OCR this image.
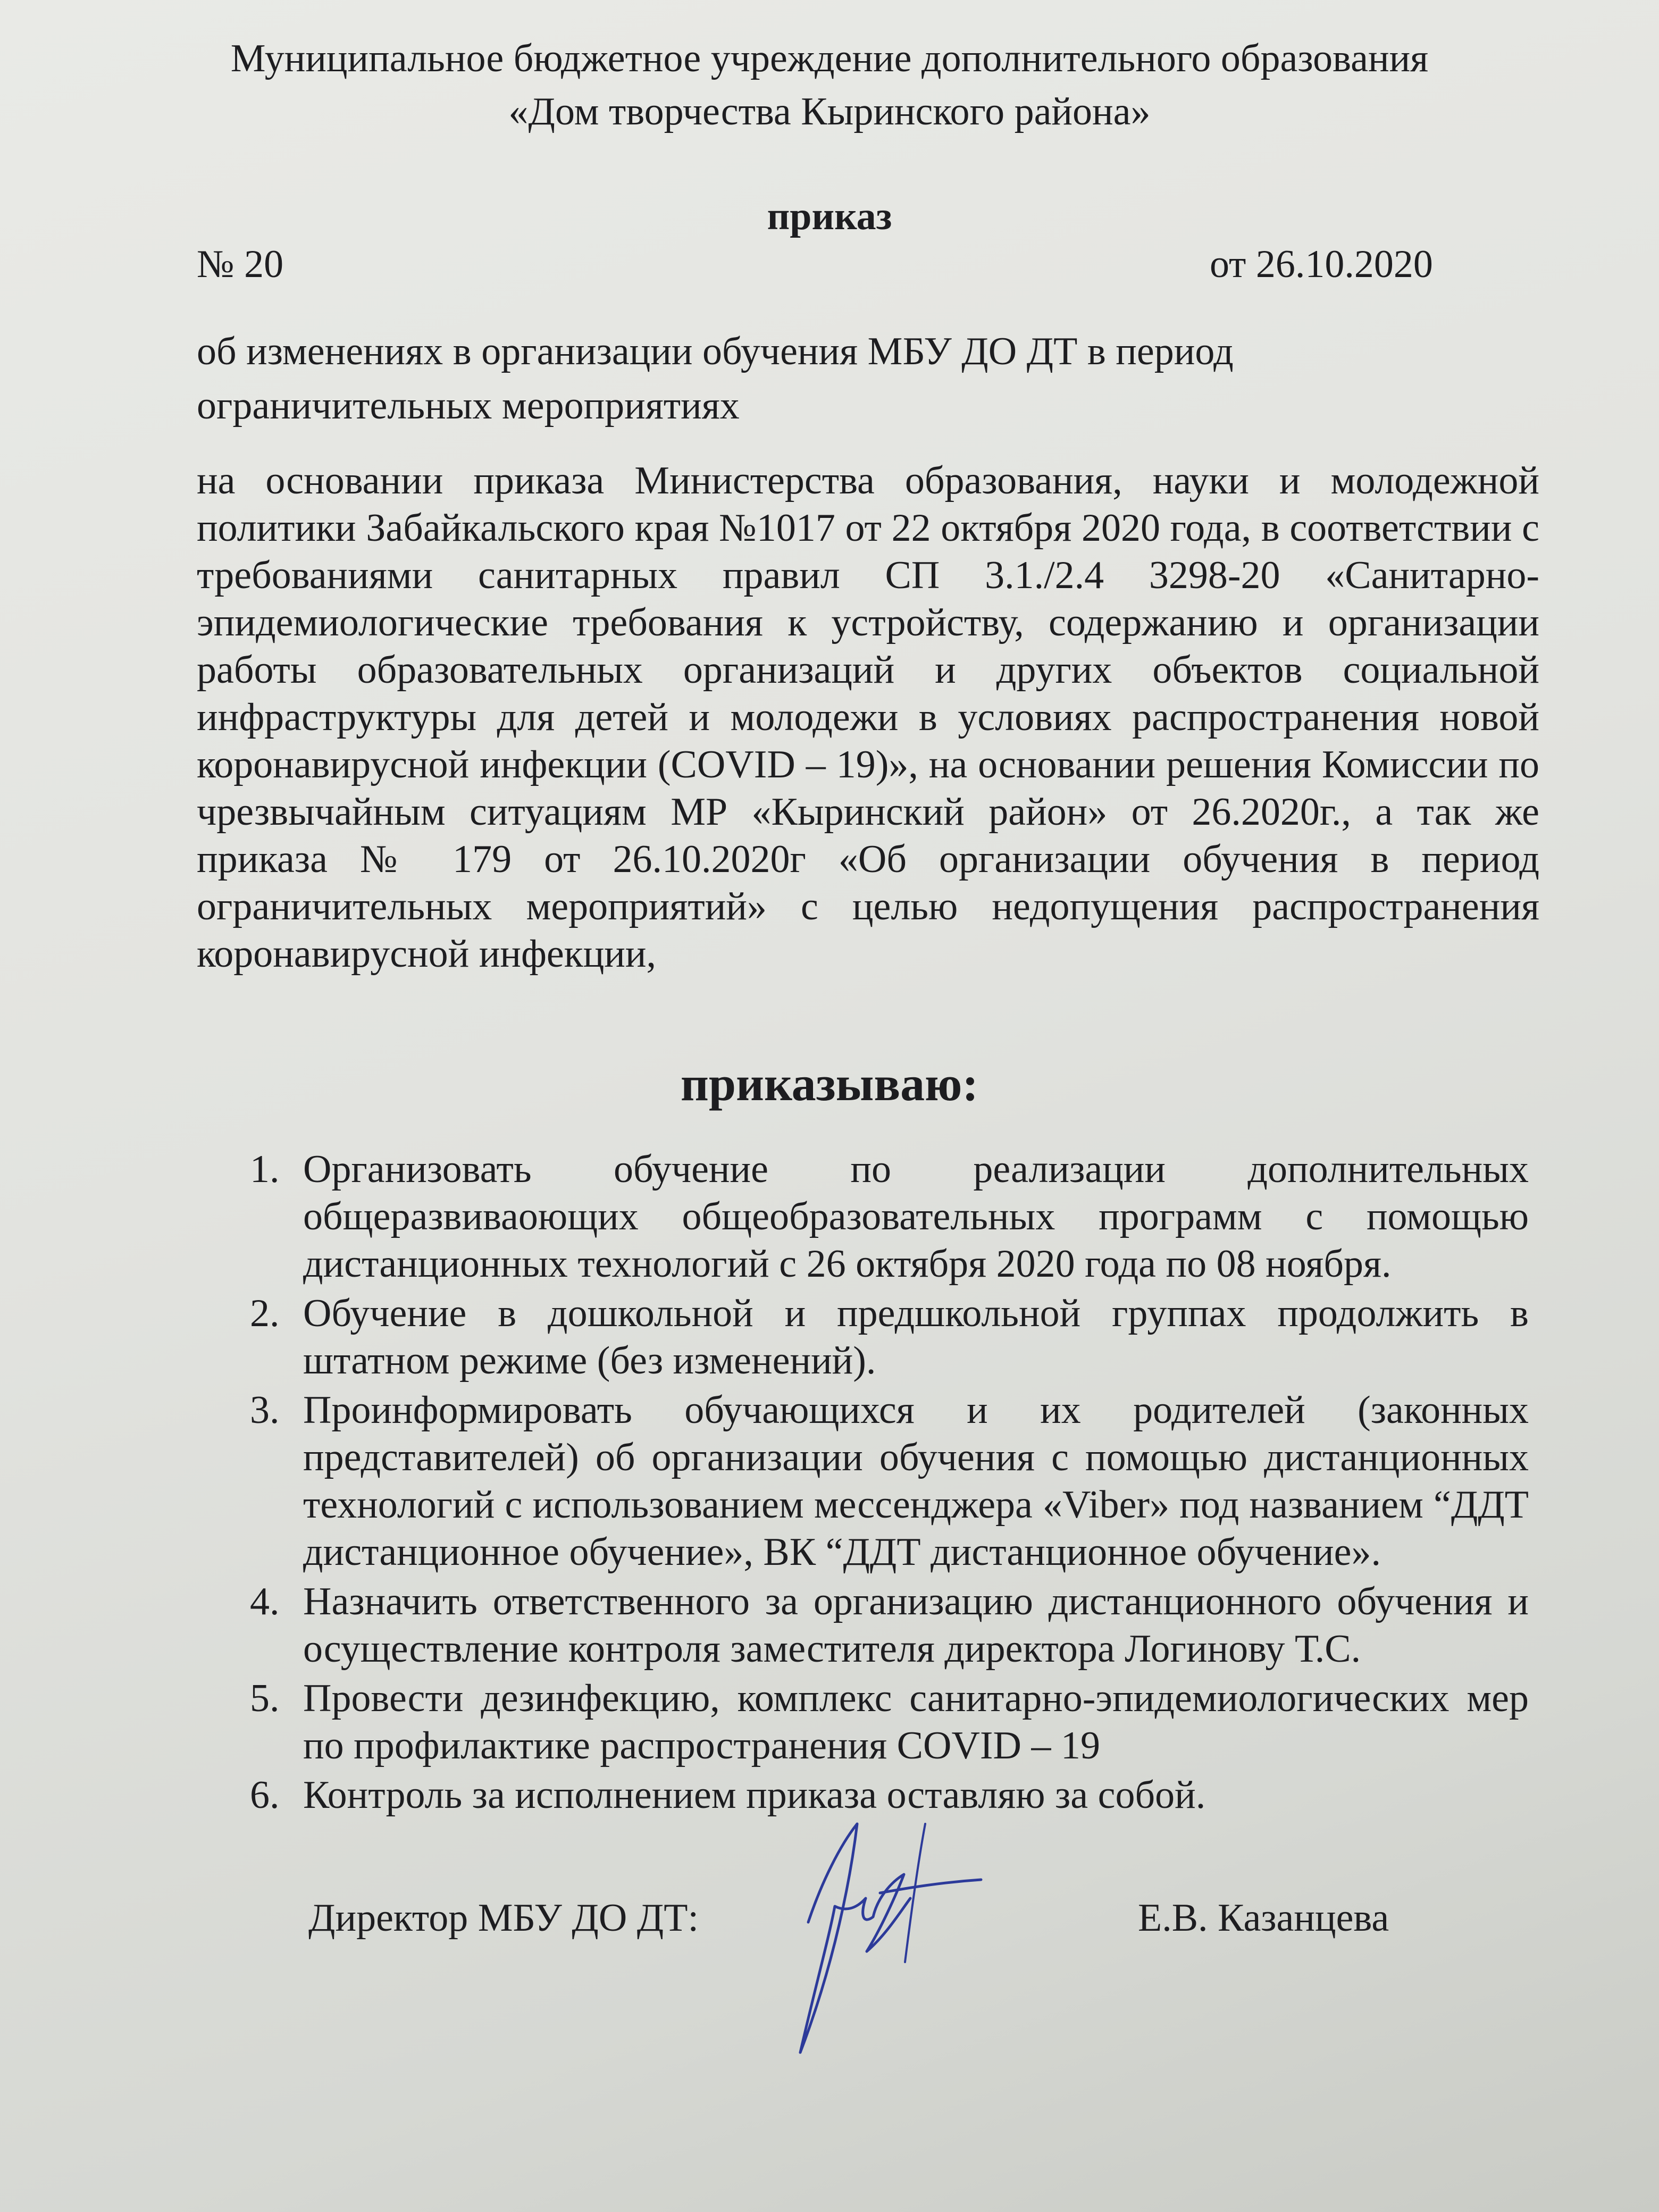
Муниципальное бюджетное учреждение дополнительного образования
«Дом творчества Кыринского района»
приказ
№ 20	от 26.10.2020
об изменениях в организации обучения МБУ ДО ДТ в период
ограничительных мероприятиях
на основании приказа Министерства образования, науки и молодежной политики Забайкальского края №1017 от 22 октября 2020 года, в соответствии с требованиями санитарных правил СП 3.1./2.4 3298-20 «Санитарно-эпидемиологические требования к устройству, содержанию и организации работы образовательных организаций и других объектов социальной инфраструктуры для детей и молодежи в условиях распространения новой коронавирусной инфекции (COVID – 19)», на основании решения Комиссии по чрезвычайным ситуациям МР «Кыринский район» от 26.2020г., а так же приказа № 179 от 26.10.2020г «Об организации обучения в период ограничительных мероприятий» с целью недопущения распространения коронавирусной инфекции,
приказываю:
1. Организовать обучение по реализации дополнительных общеразвиваоющих общеобразовательных программ с помощью дистанционных технологий с 26 октября 2020 года по 08 ноября.
2. Обучение в дошкольной и предшкольной группах продолжить в штатном режиме (без изменений).
3. Проинформировать обучающихся и их родителей (законных представителей) об организации обучения с помощью дистанционных технологий с использованием мессенджера «Viber» под названием “ДДТ дистанционное обучение», ВК “ДДТ дистанционное обучение».
4. Назначить ответственного за организацию дистанционного обучения и осуществление контроля заместителя директора Логинову Т.С.
5. Провести дезинфекцию, комплекс санитарно-эпидемиологических мер по профилактике распространения COVID – 19
6. Контроль за исполнением приказа оставляю за собой.
Директор МБУ ДО ДТ:	Е.В. Казанцева
